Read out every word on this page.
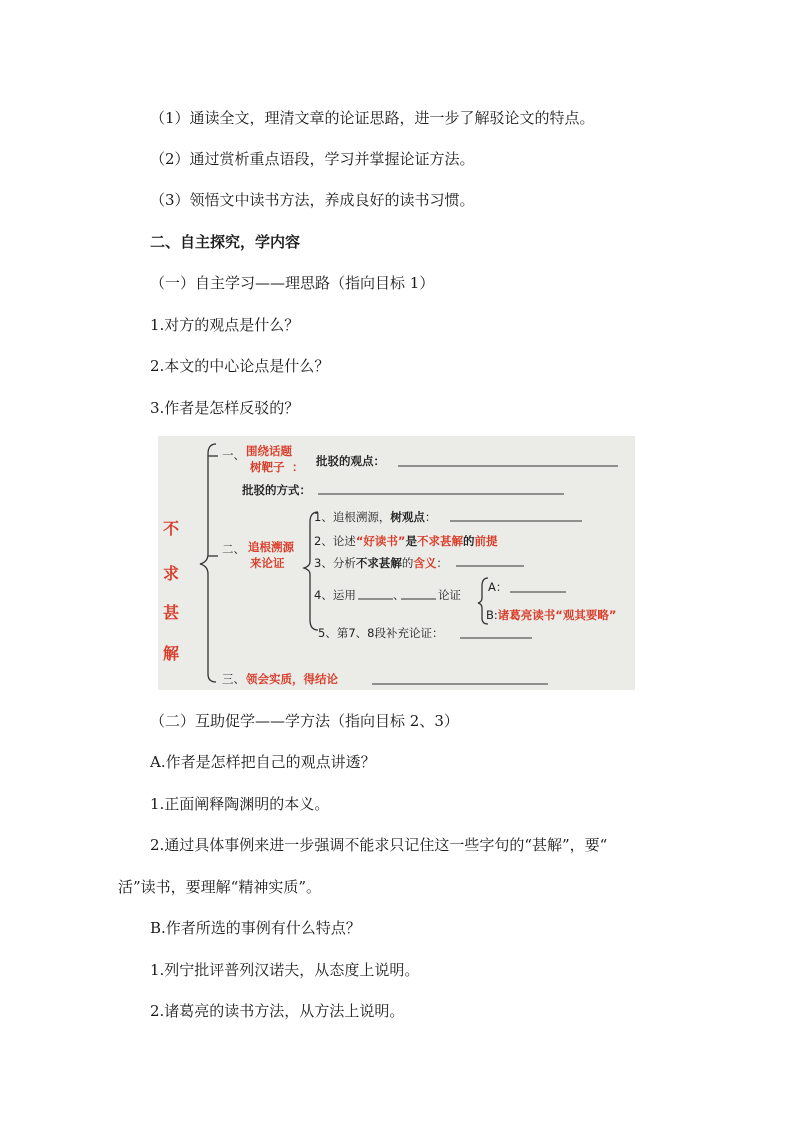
（1）通读全文，理清文章的论证思路，进一步了解驳论文的特点。
（2）通过赏析重点语段，学习并掌握论证方法。
（3）领悟文中读书方法，养成良好的读书习惯。
二、自主探究，学内容
（一）自主学习——理思路（指向目标 1）
1.对方的观点是什么？
2.本文的中心论点是什么？
3.作者是怎样反驳的？
不
求
甚
解
一、 围绕话题
树靶子 ： 批驳的观点：
批驳的方式：
二、 追根溯源
来论证
1、追根溯源，树观点：
2、论述“好读书”是不求甚解的前提
3、分析不求甚解的含义：
4、运用	、	论证
A：
B:诸葛亮读书“观其要略”
5、第7、8段补充论证：
三、 领会实质，得结论
（二）互助促学——学方法（指向目标 2、3）
A.作者是怎样把自己的观点讲透？
1.正面阐释陶渊明的本义。
2.通过具体事例来进一步强调不能求只记住这一些字句的“甚解”，要“
活”读书，要理解“精神实质”。
B.作者所选的事例有什么特点？
1.列宁批评普列汉诺夫，从态度上说明。
2.诸葛亮的读书方法，从方法上说明。
